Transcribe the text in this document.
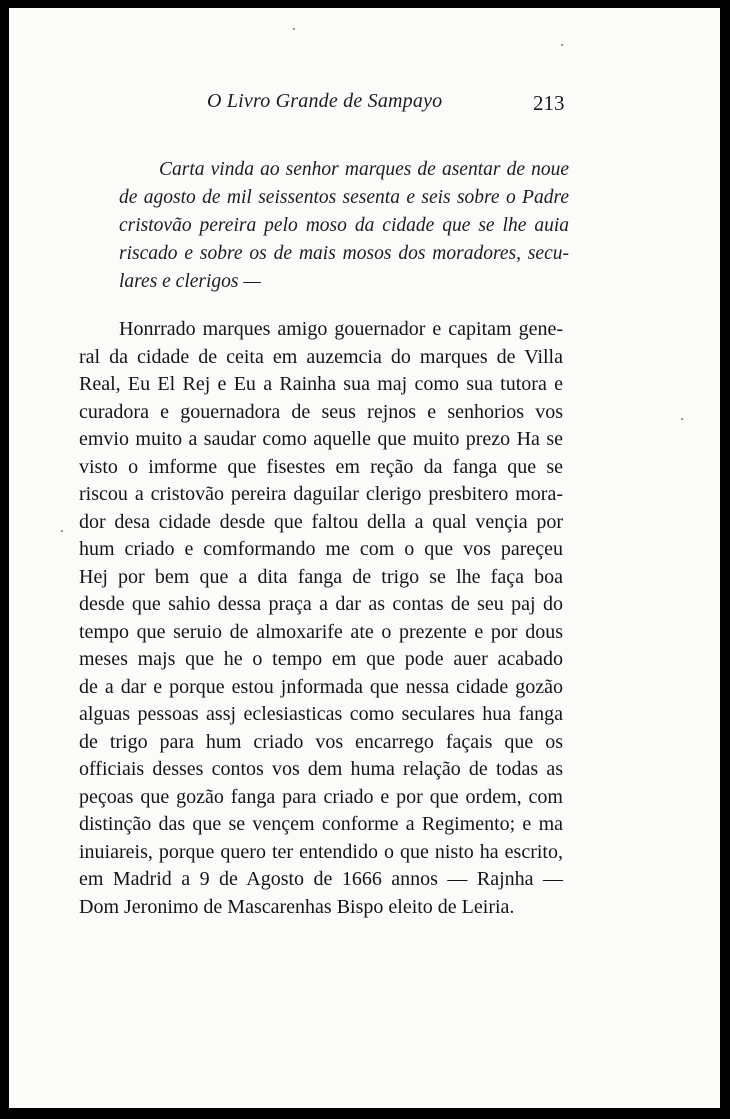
O Livro Grande de Sampayo	213
Carta vinda ao senhor marques de asentar de noue
de agosto de mil seissentos sesenta e seis sobre o Padre
cristovão pereira pelo moso da cidade que se lhe auia
riscado e sobre os de mais mosos dos moradores, secu-
lares e clerigos —
Honrrado marques amigo gouernador e capitam gene-
ral da cidade de ceita em auzemcia do marques de Villa
Real, Eu El Rej e Eu a Rainha sua maj como sua tutora e
curadora e gouernadora de seus rejnos e senhorios vos
emvio muito a saudar como aquelle que muito prezo Ha se
visto o imforme que fisestes em reção da fanga que se
riscou a cristovão pereira daguilar clerigo presbitero mora-
dor desa cidade desde que faltou della a qual vençia por
hum criado e comformando me com o que vos pareçeu
Hej por bem que a dita fanga de trigo se lhe faça boa
desde que sahio dessa praça a dar as contas de seu paj do
tempo que seruio de almoxarife ate o prezente e por dous
meses majs que he o tempo em que pode auer acabado
de a dar e porque estou jnformada que nessa cidade gozão
alguas pessoas assj eclesiasticas como seculares hua fanga
de trigo para hum criado vos encarrego façais que os
officiais desses contos vos dem huma relação de todas as
peçoas que gozão fanga para criado e por que ordem, com
distinção das que se vençem conforme a Regimento; e ma
inuiareis, porque quero ter entendido o que nisto ha escrito,
em Madrid a 9 de Agosto de 1666 annos — Rajnha —
Dom Jeronimo de Mascarenhas Bispo eleito de Leiria.
